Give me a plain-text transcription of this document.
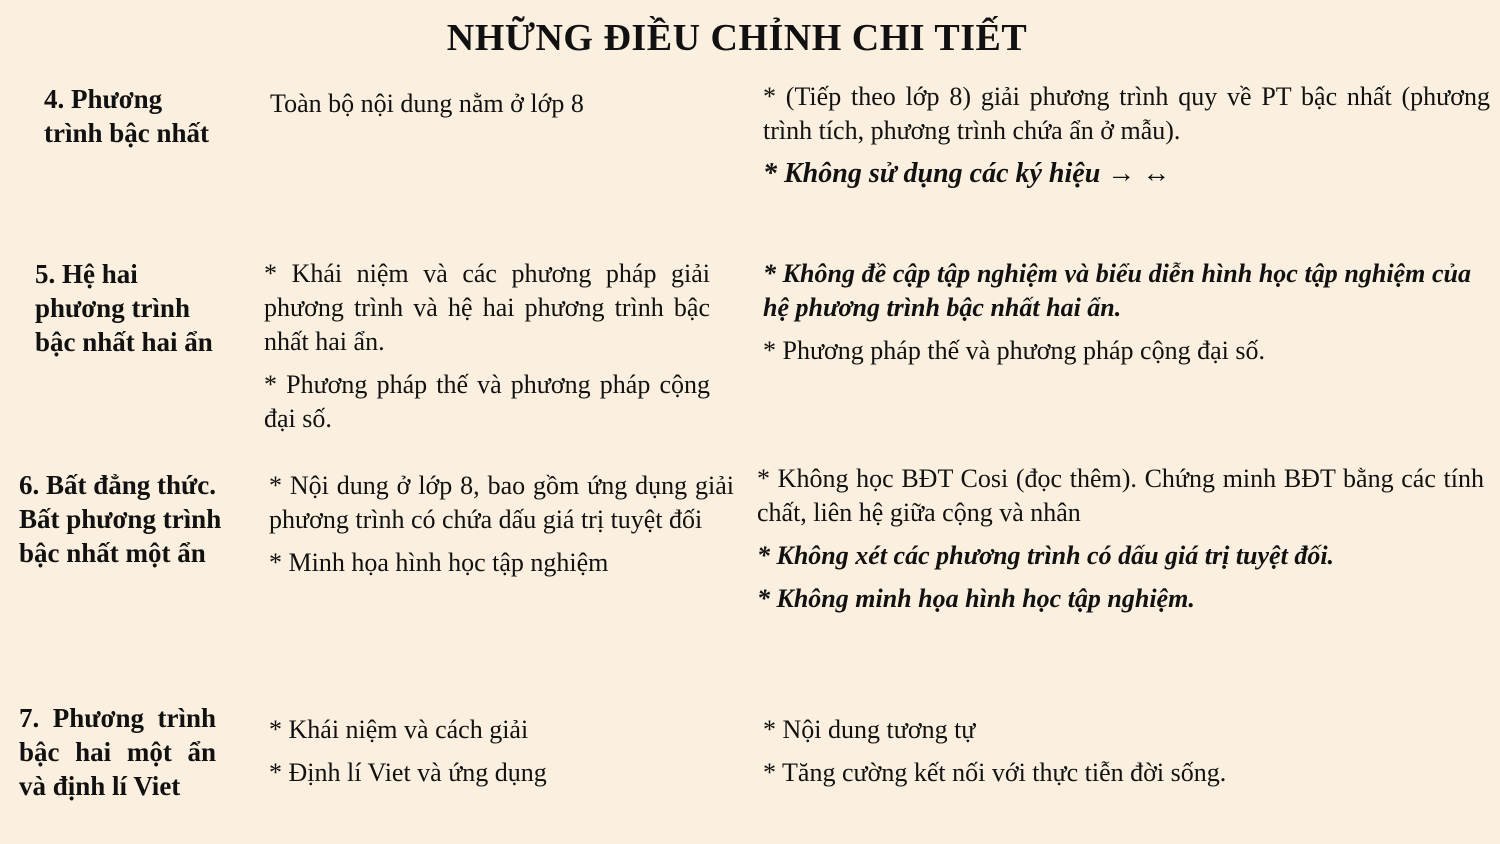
NHỮNG ĐIỀU CHỈNH CHI TIẾT
4. Phương
trình bậc nhất
Toàn bộ nội dung nằm ở lớp 8	* (Tiếp theo lớp 8) giải phương trình quy về PT bậc nhất (phương trình tích, phương trình chứa ẩn ở mẫu).
* Không sử dụng các ký hiệu → ↔
5. Hệ hai
phương trình
bậc nhất hai ẩn
* Khái niệm và các phương pháp giải phương trình và hệ hai phương trình bậc nhất hai ẩn.
* Phương pháp thế và phương pháp cộng đại số.
* Không đề cập tập nghiệm và biểu diễn hình học tập nghiệm của hệ phương trình bậc nhất hai ẩn.
* Phương pháp thế và phương pháp cộng đại số.
6. Bất đẳng thức.
Bất phương trình
bậc nhất một ẩn
* Nội dung ở lớp 8, bao gồm ứng dụng giải phương trình có chứa dấu giá trị tuyệt đối
* Minh họa hình học tập nghiệm
* Không học BĐT Cosi (đọc thêm). Chứng minh BĐT bằng các tính chất, liên hệ giữa cộng và nhân
* Không xét các phương trình có dấu giá trị tuyệt đối.
* Không minh họa hình học tập nghiệm.
7. Phương trình
bậc hai một ẩn
và định lí Viet
* Khái niệm và cách giải
* Định lí Viet và ứng dụng
* Nội dung tương tự
* Tăng cường kết nối với thực tiễn đời sống.
